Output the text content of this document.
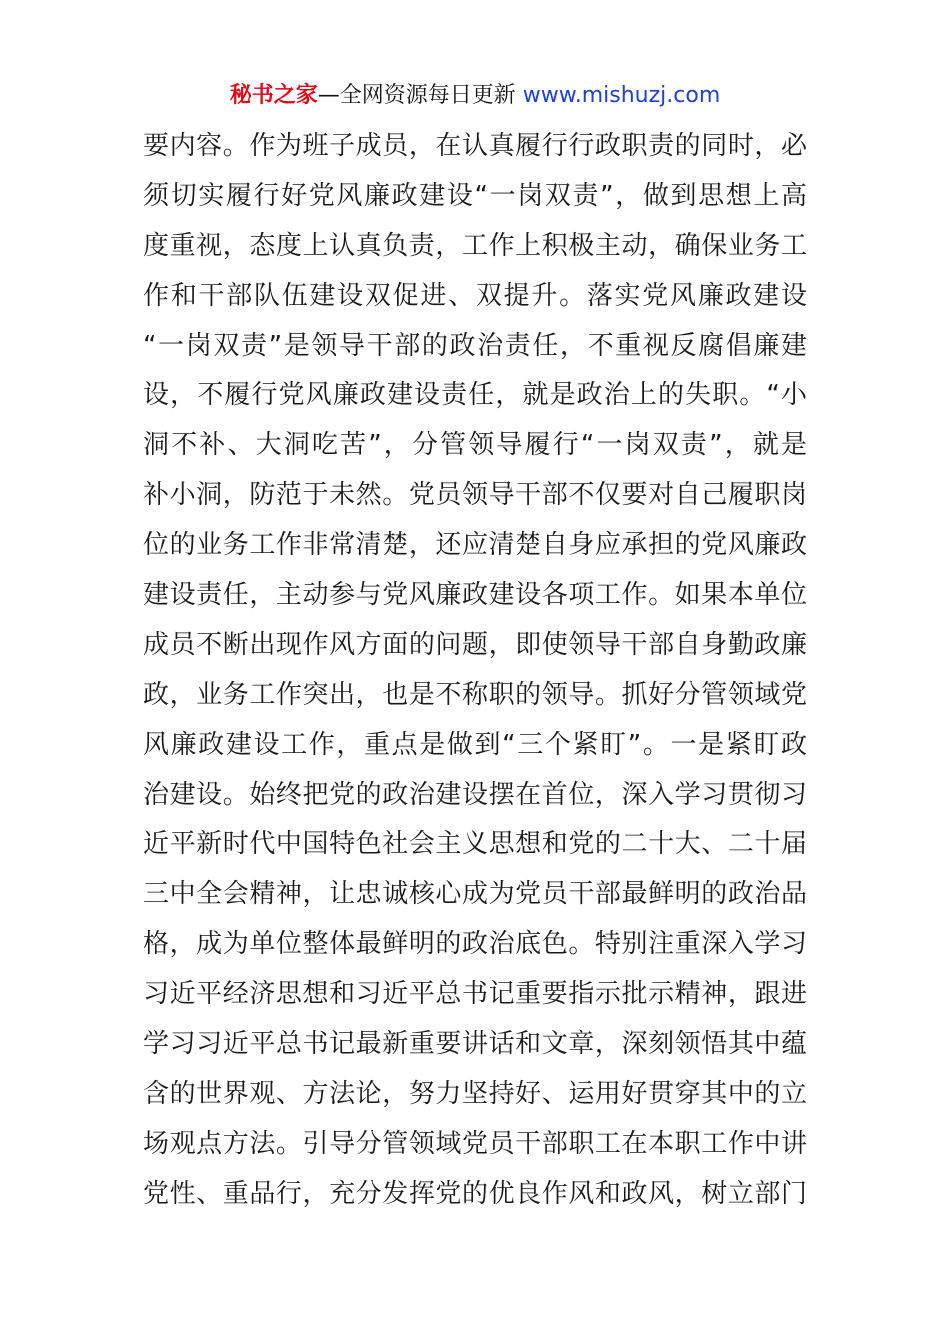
秘书之家—全网资源每日更新 www.mishuzj.com
要内容。作为班子成员，在认真履行行政职责的同时，必
须切实履行好党风廉政建设“一岗双责”，做到思想上高
度重视，态度上认真负责，工作上积极主动，确保业务工
作和干部队伍建设双促进、双提升。落实党风廉政建设
“一岗双责”是领导干部的政治责任，不重视反腐倡廉建
设，不履行党风廉政建设责任，就是政治上的失职。“小
洞不补、大洞吃苦”，分管领导履行“一岗双责”，就是
补小洞，防范于未然。党员领导干部不仅要对自己履职岗
位的业务工作非常清楚，还应清楚自身应承担的党风廉政
建设责任，主动参与党风廉政建设各项工作。如果本单位
成员不断出现作风方面的问题，即使领导干部自身勤政廉
政，业务工作突出，也是不称职的领导。抓好分管领域党
风廉政建设工作，重点是做到“三个紧盯”。一是紧盯政
治建设。始终把党的政治建设摆在首位，深入学习贯彻习
近平新时代中国特色社会主义思想和党的二十大、二十届
三中全会精神，让忠诚核心成为党员干部最鲜明的政治品
格，成为单位整体最鲜明的政治底色。特别注重深入学习
习近平经济思想和习近平总书记重要指示批示精神，跟进
学习习近平总书记最新重要讲话和文章，深刻领悟其中蕴
含的世界观、方法论，努力坚持好、运用好贯穿其中的立
场观点方法。引导分管领域党员干部职工在本职工作中讲
党性、重品行，充分发挥党的优良作风和政风，树立部门
